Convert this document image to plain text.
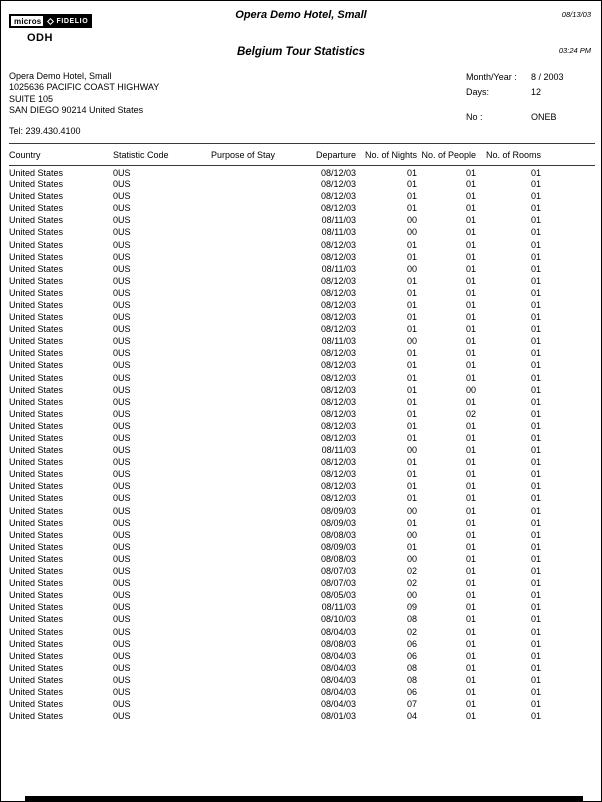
micros	FIDELIO
ODH
Opera Demo Hotel, Small	08/13/03
Belgium Tour Statistics	03:24 PM
Opera Demo Hotel, Small
1025636 PACIFIC COAST HIGHWAY
SUITE 105
SAN DIEGO 90214 United States
Tel: 239.430.4100
Month/Year : 8 / 2003
Days:	12
No :	ONEB
Country	Statistic Code	Purpose of Stay	Departure	No. of Nights	No. of People	No. of Rooms	
United States	0US		08/12/03	01	01	01	
United States	0US		08/12/03	01	01	01	
United States	0US		08/12/03	01	01	01	
United States	0US		08/12/03	01	01	01	
United States	0US		08/11/03	00	01	01	
United States	0US		08/11/03	00	01	01	
United States	0US		08/12/03	01	01	01	
United States	0US		08/12/03	01	01	01	
United States	0US		08/11/03	00	01	01	
United States	0US		08/12/03	01	01	01	
United States	0US		08/12/03	01	01	01	
United States	0US		08/12/03	01	01	01	
United States	0US		08/12/03	01	01	01	
United States	0US		08/12/03	01	01	01	
United States	0US		08/11/03	00	01	01	
United States	0US		08/12/03	01	01	01	
United States	0US		08/12/03	01	01	01	
United States	0US		08/12/03	01	01	01	
United States	0US		08/12/03	01	00	01	
United States	0US		08/12/03	01	01	01	
United States	0US		08/12/03	01	02	01	
United States	0US		08/12/03	01	01	01	
United States	0US		08/12/03	01	01	01	
United States	0US		08/11/03	00	01	01	
United States	0US		08/12/03	01	01	01	
United States	0US		08/12/03	01	01	01	
United States	0US		08/12/03	01	01	01	
United States	0US		08/12/03	01	01	01	
United States	0US		08/09/03	00	01	01	
United States	0US		08/09/03	01	01	01	
United States	0US		08/08/03	00	01	01	
United States	0US		08/09/03	01	01	01	
United States	0US		08/08/03	00	01	01	
United States	0US		08/07/03	02	01	01	
United States	0US		08/07/03	02	01	01	
United States	0US		08/05/03	00	01	01	
United States	0US		08/11/03	09	01	01	
United States	0US		08/10/03	08	01	01	
United States	0US		08/04/03	02	01	01	
United States	0US		08/08/03	06	01	01	
United States	0US		08/04/03	06	01	01	
United States	0US		08/04/03	08	01	01	
United States	0US		08/04/03	08	01	01	
United States	0US		08/04/03	06	01	01	
United States	0US		08/04/03	07	01	01	
United States	0US		08/01/03	04	01	01	
